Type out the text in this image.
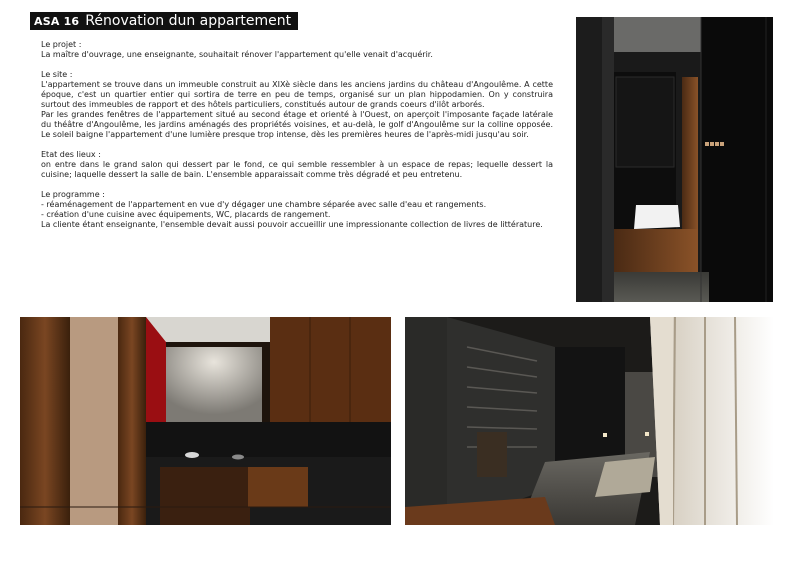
ASA 16 Rénovation dun appartement

Le projet :

La maître d'ouvrage, une enseignante, souhaitait rénover l'appartement qu'elle venait d'acquérir.

Le site :

L'appartement se trouve dans un immeuble construit au XIXè siècle dans les anciens jardins du château d'Angoulême. A cette époque, c'est un quartier entier qui sortira de terre en peu de temps, organisé sur un plan hippodamien. On y construira surtout des immeubles de rapport et des hôtels particuliers, constitués autour de grands coeurs d'ilôt arborés.

Par les grandes fenêtres de l'appartement situé au second étage et orienté à l'Ouest, on aperçoit l'imposante façade latérale du théâtre d'Angoulême, les jardins aménagés des propriétés voisines, et au-delà, le golf d'Angoulême sur la colline opposée. Le soleil baigne l'appartement d'une lumière presque trop intense, dès les premières heures de l'après-midi jusqu'au soir.

Etat des lieux :

on entre dans le grand salon qui dessert par le fond, ce qui semble ressembler à un espace de repas; lequelle dessert la cuisine; laquelle dessert la salle de bain. L'ensemble apparaissait comme très dégradé et peu entretenu.

Le programme :

- réaménagement de l'appartement en vue d'y dégager une chambre séparée avec salle d'eau et rangements.

- création d'une cuisine avec équipements, WC, placards de rangement.

La cliente étant enseignante, l'ensemble devait aussi pouvoir accueillir une impressionante collection de livres de littérature.
